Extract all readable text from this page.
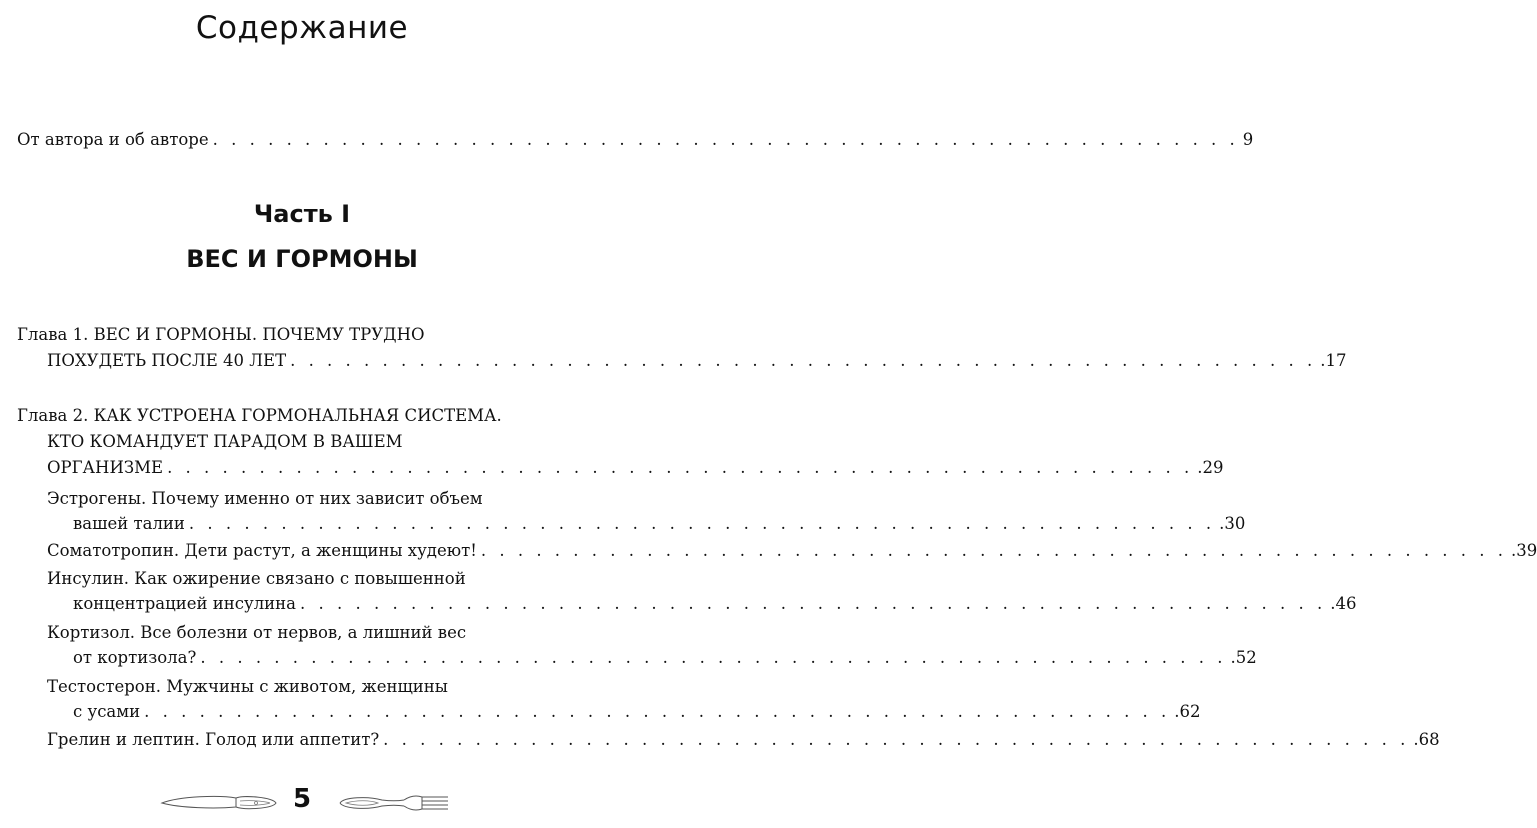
Содержание
От автора и об авторе . . . . . . . . . . . . . . . . . . . . . . . . . . . . . . . . . . . . . . . . . . . . . . . . . . . . . . . . 9
Часть I
ВЕС И ГОРМОНЫ
Глава 1. ВЕС И ГОРМОНЫ. ПОЧЕМУ ТРУДНО
ПОХУДЕТЬ ПОСЛЕ 40 ЛЕТ . . . . . . . . . . . . . . . . . . . . . . . . . . . . . . . . . . . . . . . . . . . . . . . . . . . . . . . . .17
Глава 2. КАК УСТРОЕНА ГОРМОНАЛЬНАЯ СИСТЕМА.
КТО КОМАНДУЕТ ПАРАДОМ В ВАШЕМ
ОРГАНИЗМЕ . . . . . . . . . . . . . . . . . . . . . . . . . . . . . . . . . . . . . . . . . . . . . . . . . . . . . . . . .29
Эстрогены. Почему именно от них зависит объем
вашей талии . . . . . . . . . . . . . . . . . . . . . . . . . . . . . . . . . . . . . . . . . . . . . . . . . . . . . . . . .30
Соматотропин. Дети растут, а женщины худеют! . . . . . . . . . . . . . . . . . . . . . . . . . . . . . . . . . . . . . . . . . . . . . . . . . . . . . . . . .39
Инсулин. Как ожирение связано с повышенной
концентрацией инсулина . . . . . . . . . . . . . . . . . . . . . . . . . . . . . . . . . . . . . . . . . . . . . . . . . . . . . . . . .46
Кортизол. Все болезни от нервов, а лишний вес
от кортизола? . . . . . . . . . . . . . . . . . . . . . . . . . . . . . . . . . . . . . . . . . . . . . . . . . . . . . . . . .52
Тестостерон. Мужчины с животом, женщины
с усами . . . . . . . . . . . . . . . . . . . . . . . . . . . . . . . . . . . . . . . . . . . . . . . . . . . . . . . . .62
Грелин и лептин. Голод или аппетит? . . . . . . . . . . . . . . . . . . . . . . . . . . . . . . . . . . . . . . . . . . . . . . . . . . . . . . . . .68
5
